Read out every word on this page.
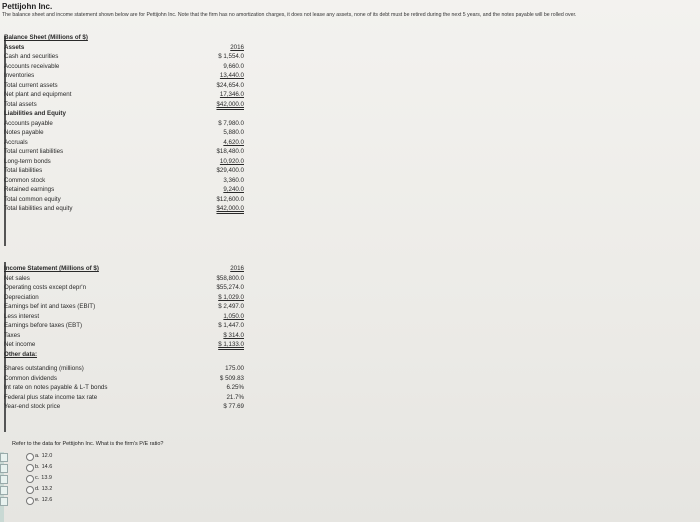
Pettijohn Inc.
The balance sheet and income statement shown below are for Pettijohn Inc. Note that the firm has no amortization charges, it does not lease any assets, none of its debt must be retired during the next 5 years, and the notes payable will be rolled over.
Balance Sheet (Millions of $)
Assets	2016
Cash and securities	$ 1,554.0
Accounts receivable	9,660.0
Inventories	13,440.0
Total current assets	$24,654.0
Net plant and equipment	17,346.0
Total assets	$42,000.0
Liabilities and Equity
Accounts payable	$ 7,980.0
Notes payable	5,880.0
Accruals	4,620.0
Total current liabilities	$18,480.0
Long-term bonds	10,920.0
Total liabilities	$29,400.0
Common stock	3,360.0
Retained earnings	9,240.0
Total common equity	$12,600.0
Total liabilities and equity	$42,000.0
Income Statement (Millions of $)	2016
Net sales	$58,800.0
Operating costs except depr'n	$55,274.0
Depreciation	$ 1,029.0
Earnings bef int and taxes (EBIT)	$ 2,497.0
Less interest	1,050.0
Earnings before taxes (EBT)	$ 1,447.0
Taxes	$ 314.0
Net income	$ 1,133.0
Other data:
Shares outstanding (millions)	175.00
Common dividends	$ 509.83
Int rate on notes payable & L-T bonds	6.25%
Federal plus state income tax rate	21.7%
Year-end stock price	$ 77.69
Refer to the data for Pettijohn Inc. What is the firm's P/E ratio?
a. 12.0
b. 14.6
c. 13.9
d. 13.2
e. 12.6
